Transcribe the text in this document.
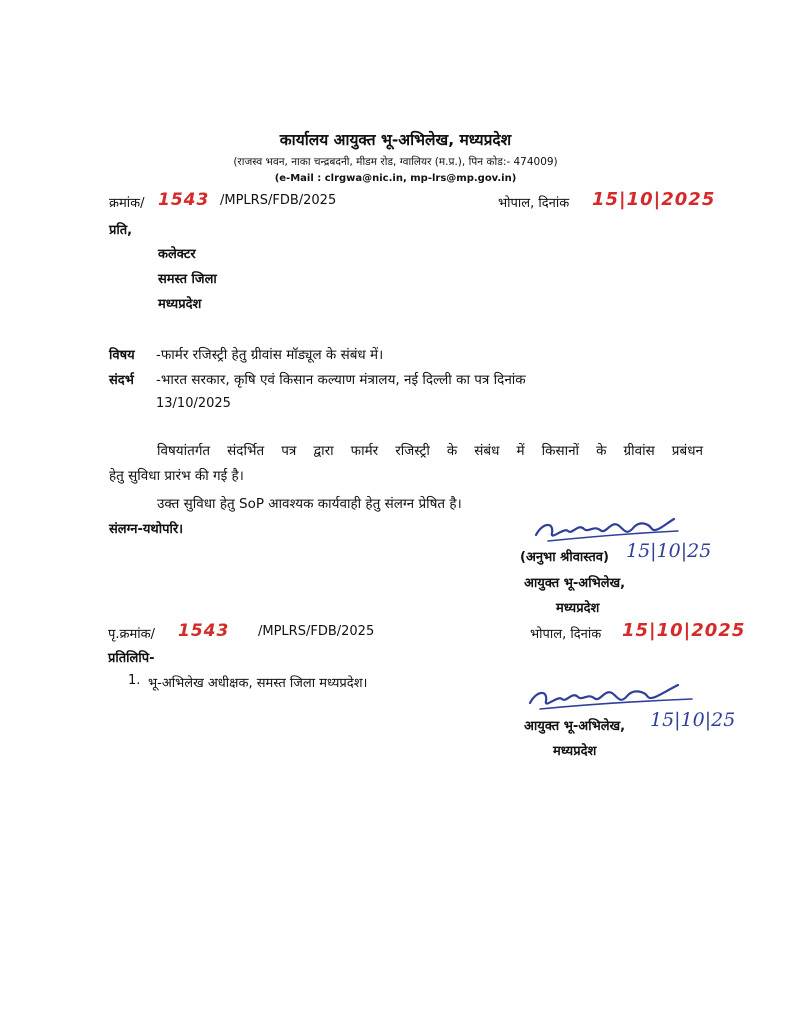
कार्यालय आयुक्त भू-अभिलेख, मध्यप्रदेश
(राजस्व भवन, नाका चन्द्रबदनी, मीडम रोड, ग्वालियर (म.प्र.), पिन कोड:- 474009)
(e-Mail : clrgwa@nic.in, mp-lrs@mp.gov.in)
क्रमांक/ 1543 /MPLRS/FDB/2025	भोपाल, दिनांक 15|10|2025
प्रति,
कलेक्टर
समस्त जिला
मध्यप्रदेश
विषय -फार्मर रजिस्ट्री हेतु ग्रीवांस मॉड्यूल के संबंध में।
संदर्भ -भारत सरकार, कृषि एवं किसान कल्याण मंत्रालय, नई दिल्ली का पत्र दिनांक
13/10/2025
विषयांतर्गत संदर्भित पत्र द्वारा फार्मर रजिस्ट्री के संबंध में किसानों के ग्रीवांस प्रबंधन
हेतु सुविधा प्रारंभ की गई है।
उक्त सुविधा हेतु SoP आवश्यक कार्यवाही हेतु संलग्न प्रेषित है।
संलग्न-यथोपरि।
(अनुभा श्रीवास्तव) 15|10|25
आयुक्त भू-अभिलेख,
मध्यप्रदेश
पृ.क्रमांक/ 1543 /MPLRS/FDB/2025	भोपाल, दिनांक 15|10|2025
प्रतिलिपि-
1. भू-अभिलेख अधीक्षक, समस्त जिला मध्यप्रदेश।
आयुक्त भू-अभिलेख, 15|10|25
मध्यप्रदेश
